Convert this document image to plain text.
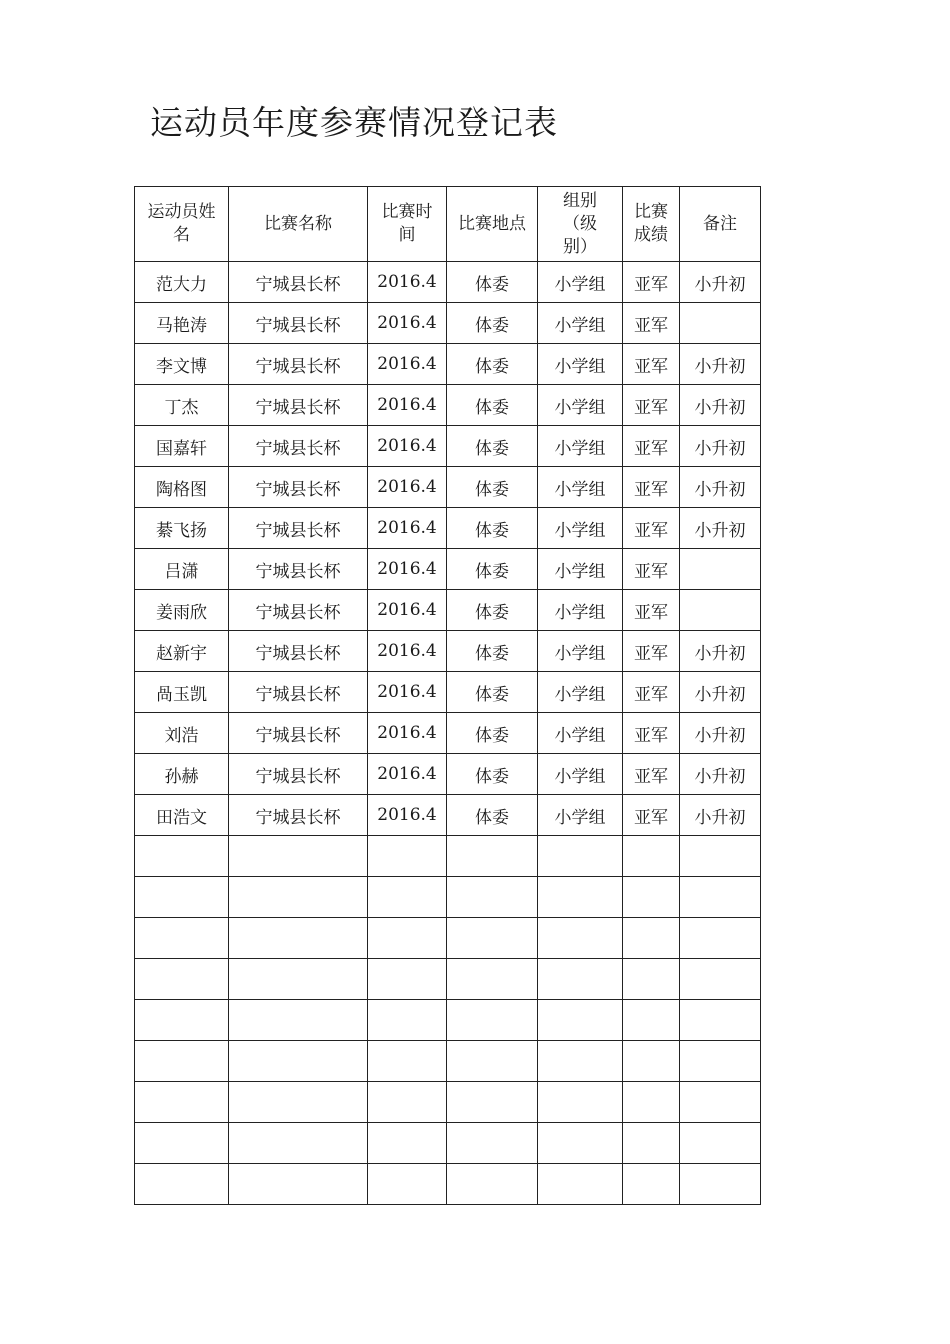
运动员年度参赛情况登记表
运动员姓名	比赛名称	比赛时间	比赛地点	组别（级别）	比赛成绩	备注
范大力	宁城县长杯	2016.4	体委	小学组	亚军	小升初
马艳涛	宁城县长杯	2016.4	体委	小学组	亚军	
李文博	宁城县长杯	2016.4	体委	小学组	亚军	小升初
丁杰	宁城县长杯	2016.4	体委	小学组	亚军	小升初
国嘉轩	宁城县长杯	2016.4	体委	小学组	亚军	小升初
陶格图	宁城县长杯	2016.4	体委	小学组	亚军	小升初
綦飞扬	宁城县长杯	2016.4	体委	小学组	亚军	小升初
吕潇	宁城县长杯	2016.4	体委	小学组	亚军	
姜雨欣	宁城县长杯	2016.4	体委	小学组	亚军	
赵新宇	宁城县长杯	2016.4	体委	小学组	亚军	小升初
咼玉凯	宁城县长杯	2016.4	体委	小学组	亚军	小升初
刘浩	宁城县长杯	2016.4	体委	小学组	亚军	小升初
孙赫	宁城县长杯	2016.4	体委	小学组	亚军	小升初
田浩文	宁城县长杯	2016.4	体委	小学组	亚军	小升初
